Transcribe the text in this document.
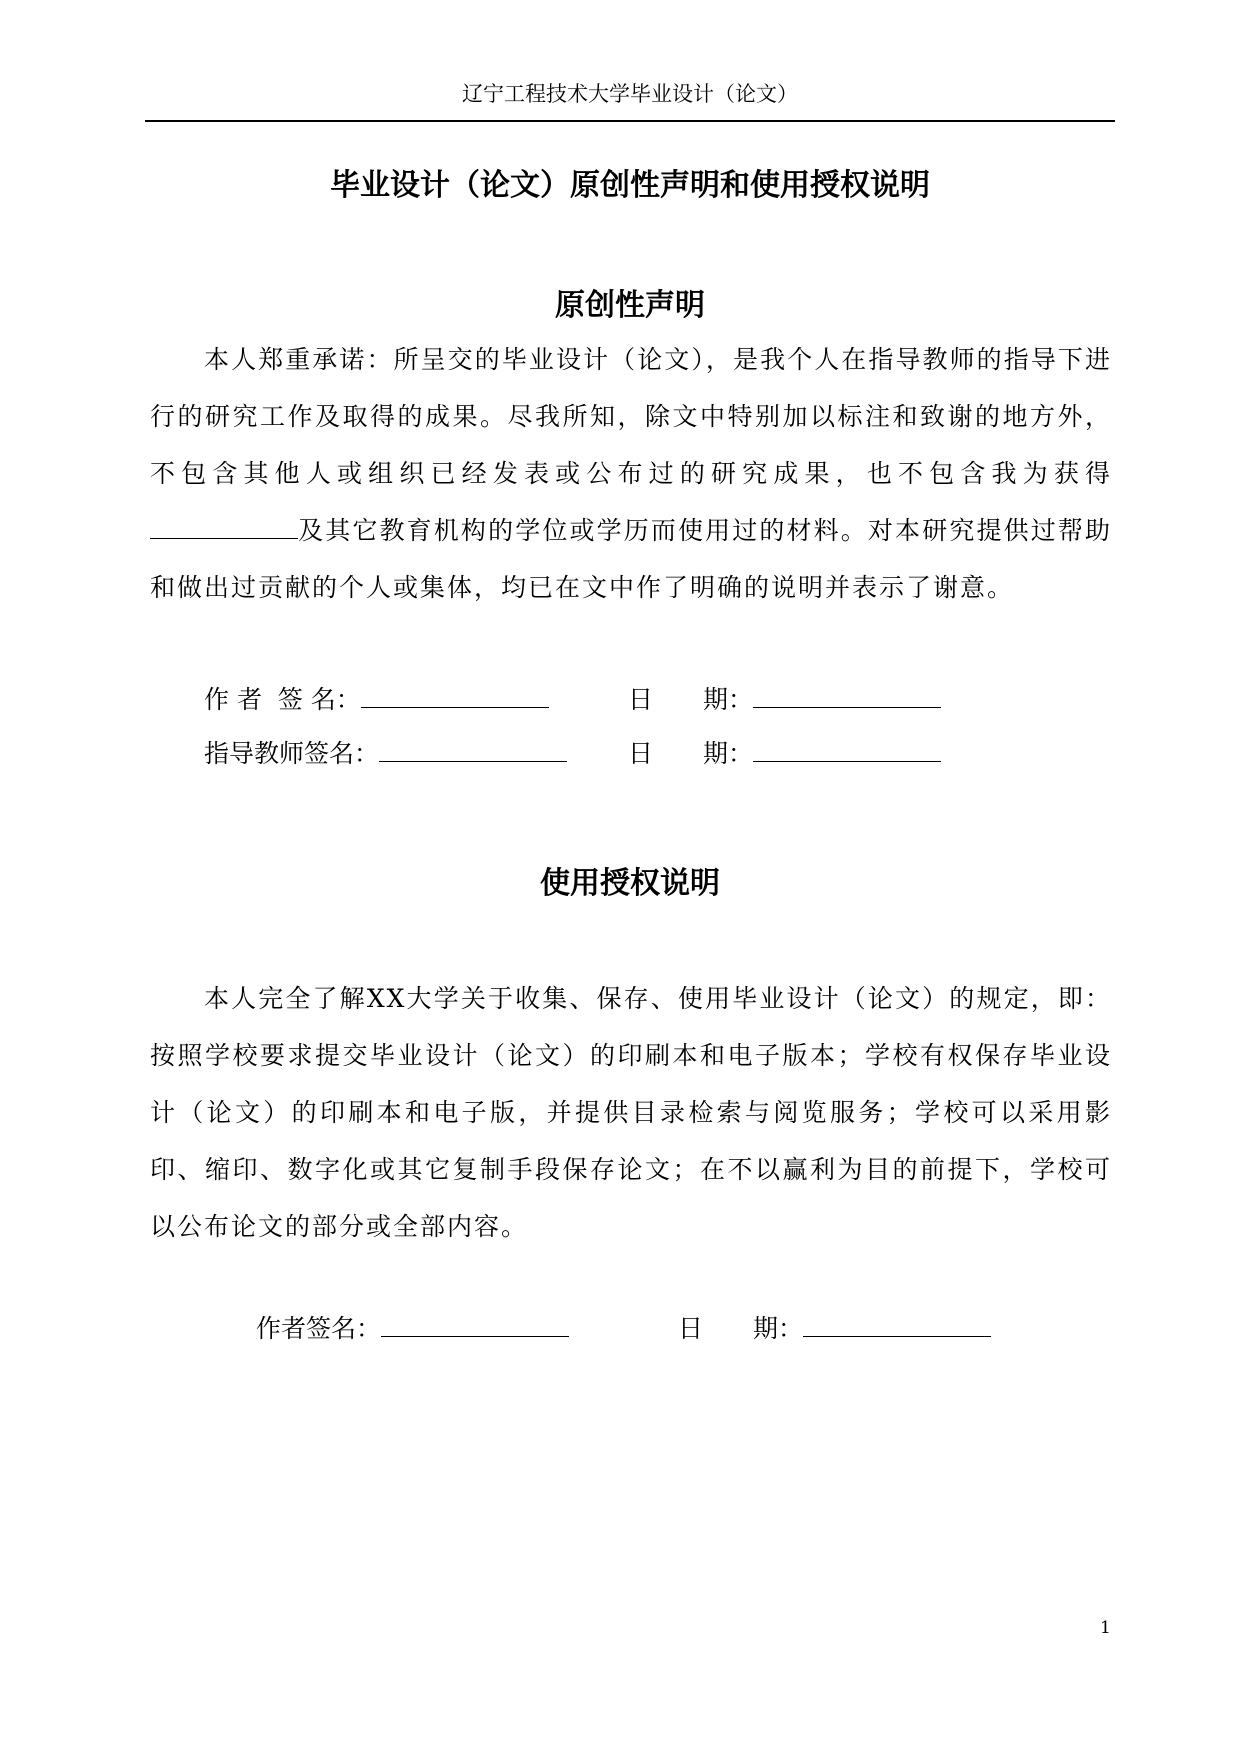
辽宁工程技术大学毕业设计（论文）
毕业设计（论文）原创性声明和使用授权说明
原创性声明

本人郑重承诺：所呈交的毕业设计（论文），是我个人在指导教师的指导下进行的研究工作及取得的成果。尽我所知，除文中特别加以标注和致谢的地方外，不包含其他人或组织已经发表或公布过的研究成果，也不包含我为获得及其它教育机构的学位或学历而使用过的材料。对本研究提供过帮助和做出过贡献的个人或集体，均已在文中作了明确的说明并表示了谢意。

作 者  签 名：	日　　期：
指导教师签名：	日　　期：
使用授权说明

本人完全了解XX大学关于收集、保存、使用毕业设计（论文）的规定，即：按照学校要求提交毕业设计（论文）的印刷本和电子版本；学校有权保存毕业设计（论文）的印刷本和电子版，并提供目录检索与阅览服务；学校可以采用影印、缩印、数字化或其它复制手段保存论文；在不以赢利为目的前提下，学校可以公布论文的部分或全部内容。

作者签名：	日　　期：
1
